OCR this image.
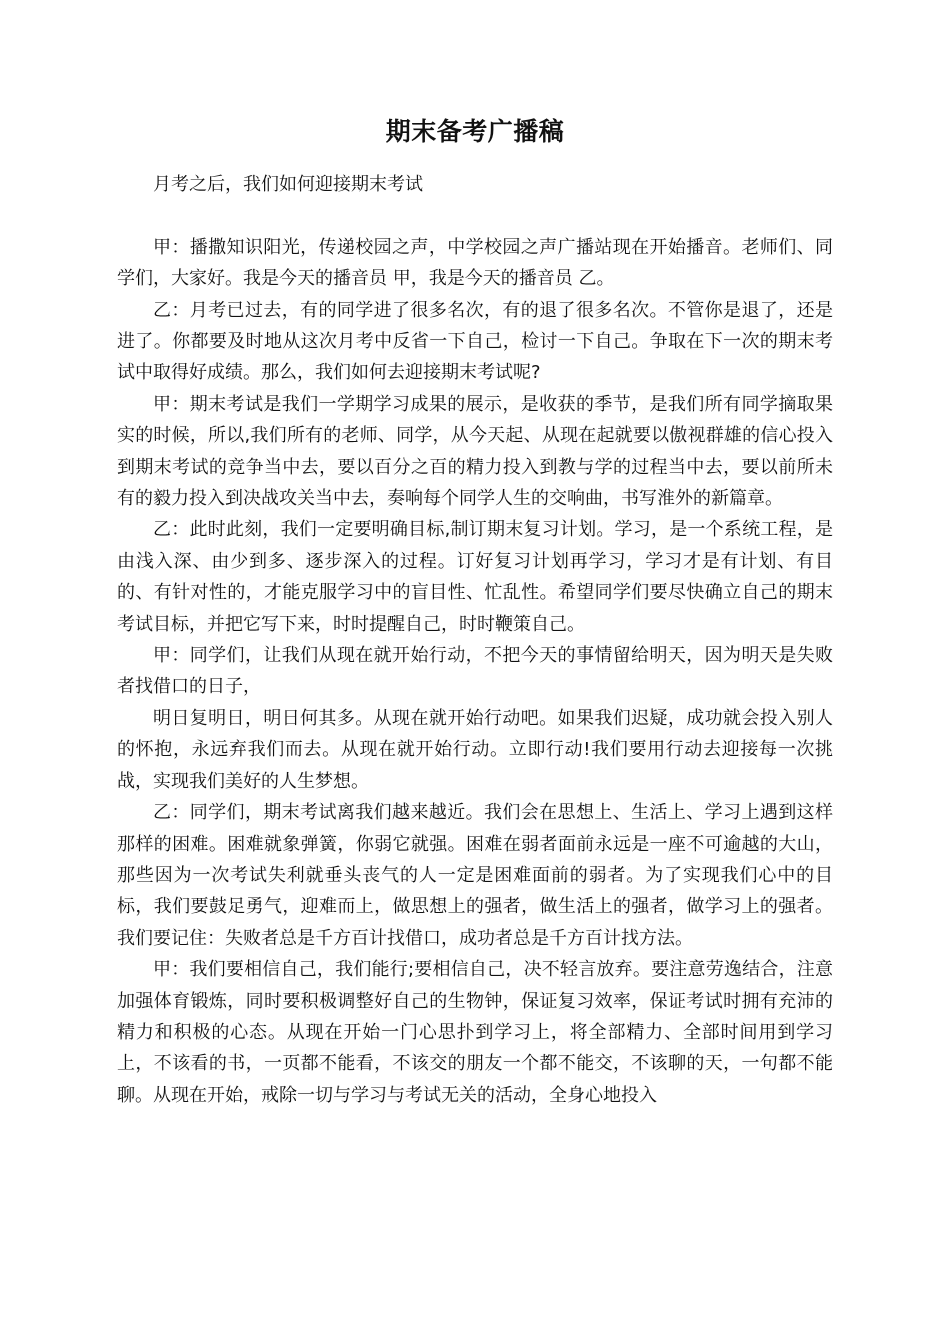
期末备考广播稿

月考之后，我们如何迎接期末考试

甲：播撒知识阳光，传递校园之声，中学校园之声广播站现在开始播音。老师们、同学们，大家好。我是今天的播音员 甲，我是今天的播音员 乙。

乙：月考已过去，有的同学进了很多名次，有的退了很多名次。不管你是退了，还是进了。你都要及时地从这次月考中反省一下自己，检讨一下自己。争取在下一次的期末考试中取得好成绩。那么，我们如何去迎接期末考试呢?

甲：期末考试是我们一学期学习成果的展示，是收获的季节，是我们所有同学摘取果实的时候，所以,我们所有的老师、同学，从今天起、从现在起就要以傲视群雄的信心投入到期末考试的竞争当中去，要以百分之百的精力投入到教与学的过程当中去，要以前所未有的毅力投入到决战攻关当中去，奏响每个同学人生的交响曲，书写淮外的新篇章。

乙：此时此刻，我们一定要明确目标,制订期末复习计划。学习，是一个系统工程，是由浅入深、由少到多、逐步深入的过程。订好复习计划再学习，学习才是有计划、有目的、有针对性的，才能克服学习中的盲目性、忙乱性。希望同学们要尽快确立自己的期末考试目标，并把它写下来，时时提醒自己，时时鞭策自己。

甲：同学们，让我们从现在就开始行动，不把今天的事情留给明天，因为明天是失败者找借口的日子，

明日复明日，明日何其多。从现在就开始行动吧。如果我们迟疑，成功就会投入别人的怀抱，永远弃我们而去。从现在就开始行动。立即行动!我们要用行动去迎接每一次挑战，实现我们美好的人生梦想。

乙：同学们，期末考试离我们越来越近。我们会在思想上、生活上、学习上遇到这样那样的困难。困难就象弹簧，你弱它就强。困难在弱者面前永远是一座不可逾越的大山，那些因为一次考试失利就垂头丧气的人一定是困难面前的弱者。为了实现我们心中的目标，我们要鼓足勇气，迎难而上，做思想上的强者，做生活上的强者，做学习上的强者。我们要记住：失败者总是千方百计找借口，成功者总是千方百计找方法。

甲：我们要相信自己，我们能行;要相信自己，决不轻言放弃。要注意劳逸结合，注意加强体育锻炼，同时要积极调整好自己的生物钟，保证复习效率，保证考试时拥有充沛的精力和积极的心态。从现在开始一门心思扑到学习上，将全部精力、全部时间用到学习上，不该看的书，一页都不能看，不该交的朋友一个都不能交，不该聊的天，一句都不能聊。从现在开始，戒除一切与学习与考试无关的活动，全身心地投入
